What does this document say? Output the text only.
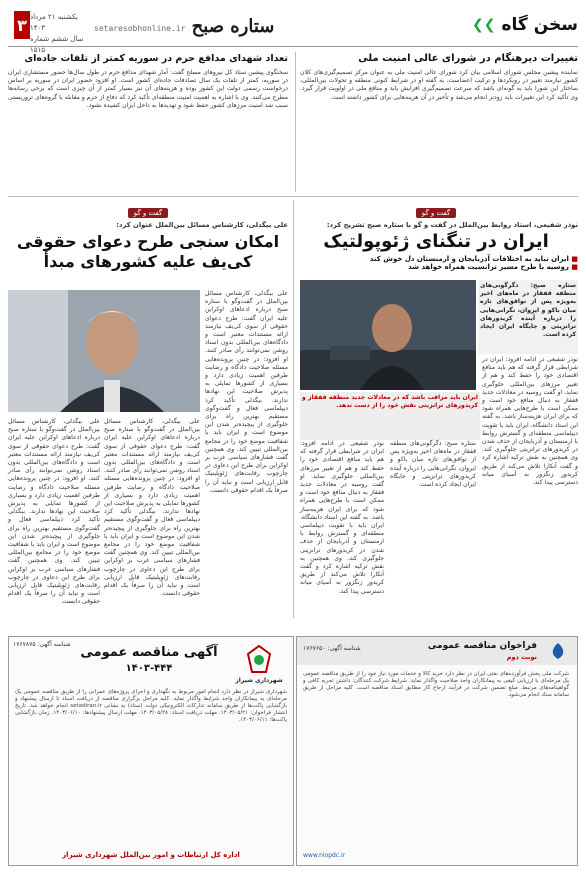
سخن گاه
❯❯
ستاره صبح
setaresobhonline.ir
یکشنبه ۲۱ مرداد ۱۴۰۳
سال ششم شماره ۱۵۱۵
۳
تغییرات دیرهنگام در شورای عالی امنیت ملی
نماینده پیشین مجلس شورای اسلامی بیان کرد شورای عالی امنیت ملی به عنوان مرکز تصمیم‌گیری‌های کلان کشور نیازمند تغییر در رویکردها و ترکیب اعضاست. به گفته او در شرایط کنونی منطقه و تحولات بین‌المللی، ساختار این شورا باید به گونه‌ای باشد که سرعت تصمیم‌گیری افزایش یابد و منافع ملی در اولویت قرار گیرد. وی تأکید کرد این تغییرات باید زودتر انجام می‌شد و تأخیر در آن هزینه‌هایی برای کشور داشته است.
تعداد شهدای مدافع حرم در سوریه کمتر از تلفات جاده‌ای
سخنگوی پیشین ستاد کل نیروهای مسلح گفت: آمار شهدای مدافع حرم در طول سال‌ها حضور مستشاری ایران در سوریه، کمتر از تلفات یک سال تصادفات جاده‌ای کشور است. او افزود حضور ایران در سوریه بر اساس درخواست رسمی دولت این کشور بوده و هزینه‌های آن نیز بسیار کمتر از آن چیزی است که برخی رسانه‌ها مطرح می‌کنند. وی با اشاره به اهمیت امنیت منطقه‌ای تأکید کرد که دفاع از حرم و مقابله با گروه‌های تروریستی سبب شد امنیت مرزهای کشور حفظ شود و تهدیدها به داخل ایران کشیده نشود.
گفت و گو
نوذر شفیعی، استاد روابط بین‌الملل در گفت و گو با ستاره صبح تشریح کرد:
ایران در تنگنای ژئوپولتیک
■ ایران نباید به اختلافات آذربایجان و ارمنستان دل خوش کند
■ روسیه با طرح مسیر ترانسیت همراه خواهد شد
ستاره صبح: دگرگونی‌های منطقه قفقاز در ماه‌های اخیر به‌ویژه پس از توافق‌های تازه میان باکو و ایروان، نگرانی‌هایی را درباره آینده کریدورهای ترانزیتی و جایگاه ایران ایجاد کرده است.
نوذر شفیعی در ادامه افزود: ایران در شرایطی قرار گرفته که هم باید منافع اقتصادی خود را حفظ کند و هم از تغییر مرزهای بین‌المللی جلوگیری نماید. او گفت روسیه در معادلات جدید قفقاز به دنبال منافع خود است و ممکن است با طرح‌هایی همراه شود که برای ایران هزینه‌ساز باشد. به گفته این استاد دانشگاه، ایران باید با تقویت دیپلماسی منطقه‌ای و گسترش روابط با ارمنستان و آذربایجان از حذف شدن در کریدورهای ترانزیتی جلوگیری کند. وی همچنین به نقش ترکیه اشاره کرد و گفت آنکارا تلاش می‌کند از طریق کریدور زنگزور به آسیای میانه دسترسی پیدا کند.
ایران باید مراقب باشد که در معادلات جدید منطقه قفقاز و کریدورهای ترانزیتی نقش خود را از دست ندهد.
نوذر شفیعی در ادامه افزود: ایران در شرایطی قرار گرفته که هم باید منافع اقتصادی خود را حفظ کند و هم از تغییر مرزهای بین‌المللی جلوگیری نماید. او گفت روسیه در معادلات جدید قفقاز به دنبال منافع خود است و ممکن است با طرح‌هایی همراه شود که برای ایران هزینه‌ساز باشد. به گفته این استاد دانشگاه، ایران باید با تقویت دیپلماسی منطقه‌ای و گسترش روابط با ارمنستان و آذربایجان از حذف شدن در کریدورهای ترانزیتی جلوگیری کند. وی همچنین به نقش ترکیه اشاره کرد و گفت آنکارا تلاش می‌کند از طریق کریدور زنگزور به آسیای میانه دسترسی پیدا کند.
ستاره صبح: دگرگونی‌های منطقه قفقاز در ماه‌های اخیر به‌ویژه پس از توافق‌های تازه میان باکو و ایروان، نگرانی‌هایی را درباره آینده کریدورهای ترانزیتی و جایگاه ایران ایجاد کرده است.
گفت و گو
علی بیگدلی، کارشناس مسائل بین‌الملل عنوان کرد:
امکان سنجی طرح دعوای حقوقی کی‌یف علیه کشورهای مبدأ
علی بیگدلی، کارشناس مسائل بین‌الملل در گفت‌وگو با ستاره صبح درباره ادعاهای اوکراین علیه ایران گفت: طرح دعوای حقوقی از سوی کی‌یف نیازمند ارائه مستندات معتبر است و دادگاه‌های بین‌المللی بدون اسناد روشن نمی‌توانند رأی صادر کنند. او افزود: در چنین پرونده‌هایی مسئله صلاحیت دادگاه و رضایت طرفین اهمیت زیادی دارد و بسیاری از کشورها تمایلی به پذیرش صلاحیت این نهادها ندارند. بیگدلی تأکید کرد دیپلماسی فعال و گفت‌وگوی مستقیم بهترین راه برای جلوگیری از پیچیده‌تر شدن این موضوع است و ایران باید با شفافیت موضع خود را در مجامع بین‌المللی تبیین کند. وی همچنین گفت فشارهای سیاسی غرب بر اوکراین برای طرح این دعاوی در چارچوب رقابت‌های ژئوپلیتیک قابل ارزیابی است و نباید آن را صرفاً یک اقدام حقوقی دانست.
علی بیگدلی، کارشناس مسائل بین‌الملل در گفت‌وگو با ستاره صبح درباره ادعاهای اوکراین علیه ایران گفت: طرح دعوای حقوقی از سوی کی‌یف نیازمند ارائه مستندات معتبر است و دادگاه‌های بین‌المللی بدون اسناد روشن نمی‌توانند رأی صادر کنند. او افزود: در چنین پرونده‌هایی مسئله صلاحیت دادگاه و رضایت طرفین اهمیت زیادی دارد و بسیاری از کشورها تمایلی به پذیرش صلاحیت این نهادها ندارند. بیگدلی تأکید کرد دیپلماسی فعال و گفت‌وگوی مستقیم بهترین راه برای جلوگیری از پیچیده‌تر شدن این موضوع است و ایران باید با شفافیت موضع خود را در مجامع بین‌المللی تبیین کند. وی همچنین گفت فشارهای سیاسی غرب بر اوکراین برای طرح این دعاوی در چارچوب رقابت‌های ژئوپلیتیک قابل ارزیابی است و نباید آن را صرفاً یک اقدام حقوقی دانست.
علی بیگدلی، کارشناس مسائل بین‌الملل در گفت‌وگو با ستاره صبح درباره ادعاهای اوکراین علیه ایران گفت: طرح دعوای حقوقی از سوی کی‌یف نیازمند ارائه مستندات معتبر است و دادگاه‌های بین‌المللی بدون اسناد روشن نمی‌توانند رأی صادر کنند. او افزود: در چنین پرونده‌هایی مسئله صلاحیت دادگاه و رضایت طرفین اهمیت زیادی دارد و بسیاری از کشورها تمایلی به پذیرش صلاحیت این نهادها ندارند. بیگدلی تأکید کرد دیپلماسی فعال و گفت‌وگوی مستقیم بهترین راه برای جلوگیری از پیچیده‌تر شدن این موضوع است و ایران باید با شفافیت موضع خود را در مجامع بین‌المللی تبیین کند. وی همچنین گفت فشارهای سیاسی غرب بر اوکراین برای طرح این دعاوی در چارچوب رقابت‌های ژئوپلیتیک قابل ارزیابی است و نباید آن را صرفاً یک اقدام حقوقی دانست.
شناسه آگهی: ۱۷۶۷۸۷۵
آگهی مناقصه عمومی
۱۴۰۳-۴۴۴
شهرداری شیراز
شهرداری شیراز در نظر دارد انجام امور مربوط به نگهداری و اجرای پروژه‌های عمرانی را از طریق مناقصه عمومی یک مرحله‌ای به پیمانکاران واجد شرایط واگذار نماید. کلیه مراحل برگزاری مناقصه از دریافت اسناد تا ارسال پیشنهاد و بازگشایی پاکت‌ها از طریق سامانه تدارکات الکترونیکی دولت (ستاد) به نشانی setadiran.ir انجام خواهد شد. تاریخ انتشار فراخوان: ۱۴۰۳/۰۵/۲۱. مهلت دریافت اسناد: ۱۴۰۳/۰۵/۲۸. مهلت ارسال پیشنهادها: ۱۴۰۳/۰۶/۱۰. زمان بازگشایی پاکت‌ها: ۱۴۰۳/۰۶/۱۱.
اداره کل ارتباطات و امور بین‌الملل شهرداری شیراز
فراخوان مناقصه عمومی
نوبت دوم
شناسه آگهی: ۱۷۶۷۶۵۰
شرکت ملی پخش فرآورده‌های نفتی ایران در نظر دارد خرید کالا و خدمات مورد نیاز خود را از طریق مناقصه عمومی یک مرحله‌ای با ارزیابی کیفی به پیمانکاران واجد صلاحیت واگذار نماید. شرایط شرکت کنندگان: داشتن تجربه کافی و گواهینامه‌های مرتبط. مبلغ تضمین شرکت در فرآیند ارجاع کار مطابق اسناد مناقصه است. کلیه مراحل از طریق سامانه ستاد انجام می‌شود.
www.niopdc.ir
